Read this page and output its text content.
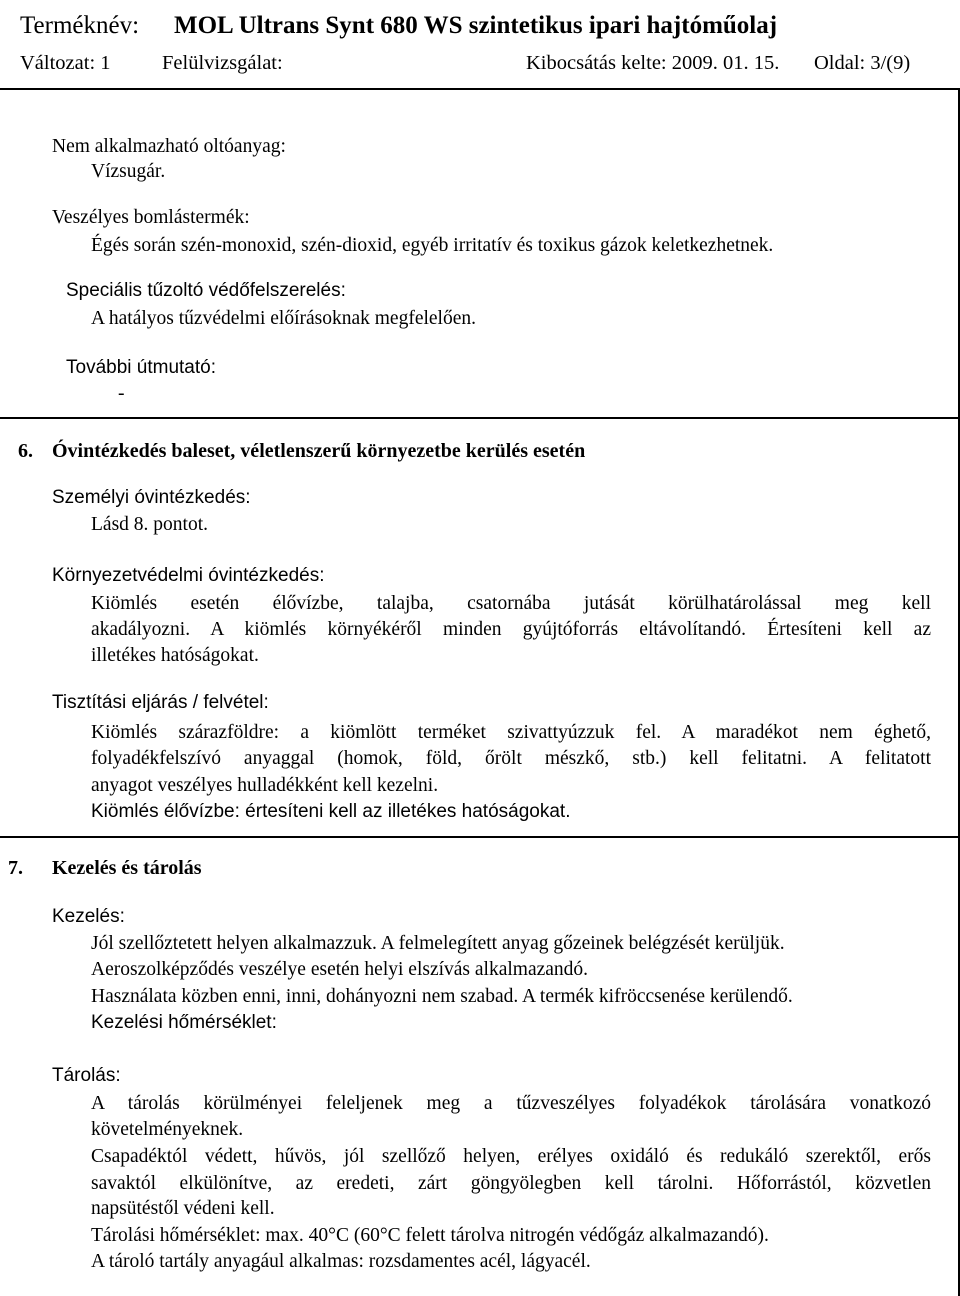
Terméknév: MOL Ultrans Synt 680 WS szintetikus ipari hajtóműolaj
Változat: 1	Felülvizsgálat:	Kibocsátás kelte: 2009. 01. 15. Oldal: 3/(9)
Nem alkalmazható oltóanyag:
Vízsugár.
Veszélyes bomlástermék:
Égés során szén-monoxid, szén-dioxid, egyéb irritatív és toxikus gázok keletkezhetnek.
Speciális tűzoltó védőfelszerelés:
A hatályos tűzvédelmi előírásoknak megfelelően.
További útmutató:
-
6. Óvintézkedés baleset, véletlenszerű környezetbe kerülés esetén
Személyi óvintézkedés:
Lásd 8. pontot.
Környezetvédelmi óvintézkedés:
Kiömlés esetén élővízbe, talajba, csatornába jutását körülhatárolással meg kell
akadályozni. A kiömlés környékéről minden gyújtóforrás eltávolítandó. Értesíteni kell az
illetékes hatóságokat.
Tisztítási eljárás / felvétel:
Kiömlés szárazföldre: a kiömlött terméket szivattyúzzuk fel. A maradékot nem éghető,
folyadékfelszívó anyaggal (homok, föld, őrölt mészkő, stb.) kell felitatni. A felitatott
anyagot veszélyes hulladékként kell kezelni.
Kiömlés élővízbe: értesíteni kell az illetékes hatóságokat.
7. Kezelés és tárolás
Kezelés:
Jól szellőztetett helyen alkalmazzuk. A felmelegített anyag gőzeinek belégzését kerüljük.
Aeroszolképződés veszélye esetén helyi elszívás alkalmazandó.
Használata közben enni, inni, dohányozni nem szabad. A termék kifröccsenése kerülendő.
Kezelési hőmérséklet:
Tárolás:
A tárolás körülményei feleljenek meg a tűzveszélyes folyadékok tárolására vonatkozó
követelményeknek.
Csapadéktól védett, hűvös, jól szellőző helyen, erélyes oxidáló és redukáló szerektől, erős
savaktól elkülönítve, az eredeti, zárt göngyölegben kell tárolni. Hőforrástól, közvetlen
napsütéstől védeni kell.
Tárolási hőmérséklet: max. 40°C (60°C felett tárolva nitrogén védőgáz alkalmazandó).
A tároló tartály anyagául alkalmas: rozsdamentes acél, lágyacél.
